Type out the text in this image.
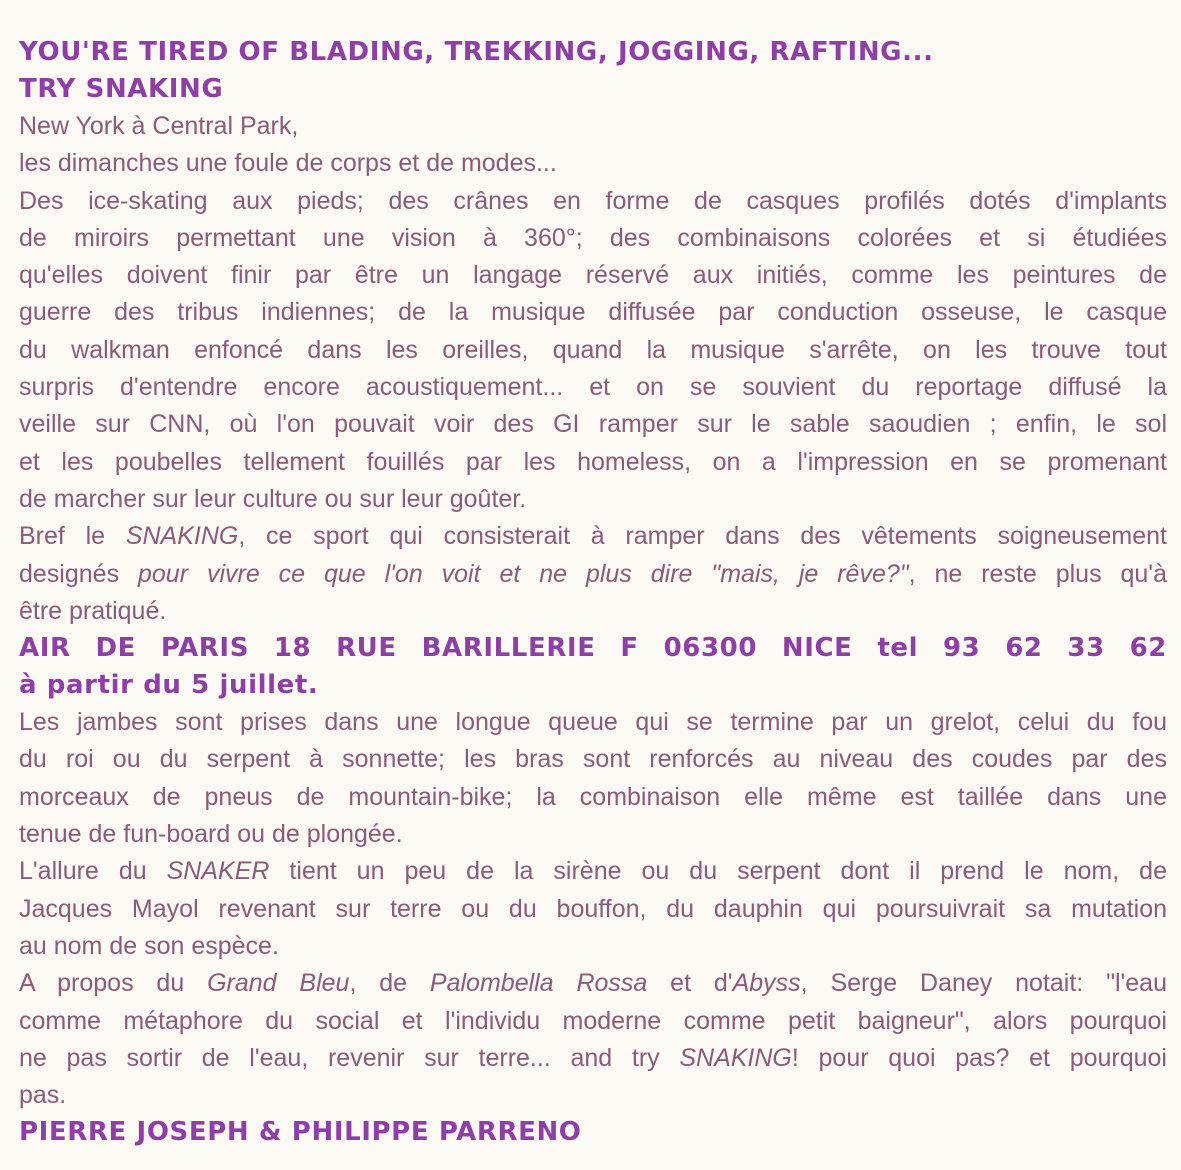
YOU'RE TIRED OF BLADING, TREKKING, JOGGING, RAFTING...
TRY SNAKING
New York à Central Park,
les dimanches une foule de corps et de modes...
Des ice-skating aux pieds; des crânes en forme de casques profilés dotés d'implants
de miroirs permettant une vision à 360°; des combinaisons colorées et si étudiées
qu'elles doivent finir par être un langage réservé aux initiés, comme les peintures de
guerre des tribus indiennes; de la musique diffusée par conduction osseuse, le casque
du walkman enfoncé dans les oreilles, quand la musique s'arrête, on les trouve tout
surpris d'entendre encore acoustiquement... et on se souvient du reportage diffusé la
veille sur CNN, où l'on pouvait voir des GI ramper sur le sable saoudien ; enfin, le sol
et les poubelles tellement fouillés par les homeless, on a l'impression en se promenant
de marcher sur leur culture ou sur leur goûter.
Bref le SNAKING, ce sport qui consisterait à ramper dans des vêtements soigneusement
designés pour vivre ce que l'on voit et ne plus dire "mais, je rêve?", ne reste plus qu'à
être pratiqué.
AIR DE PARIS 18 RUE BARILLERIE F 06300 NICE tel 93 62 33 62
à partir du 5 juillet.
Les jambes sont prises dans une longue queue qui se termine par un grelot, celui du fou
du roi ou du serpent à sonnette; les bras sont renforcés au niveau des coudes par des
morceaux de pneus de mountain-bike; la combinaison elle même est taillée dans une
tenue de fun-board ou de plongée.
L'allure du SNAKER tient un peu de la sirène ou du serpent dont il prend le nom, de
Jacques Mayol revenant sur terre ou du bouffon, du dauphin qui poursuivrait sa mutation
au nom de son espèce.
A propos du Grand Bleu, de Palombella Rossa et d'Abyss, Serge Daney notait: "l'eau
comme métaphore du social et l'individu moderne comme petit baigneur", alors pourquoi
ne pas sortir de l'eau, revenir sur terre... and try SNAKING! pour quoi pas? et pourquoi
pas.
PIERRE JOSEPH & PHILIPPE PARRENO
